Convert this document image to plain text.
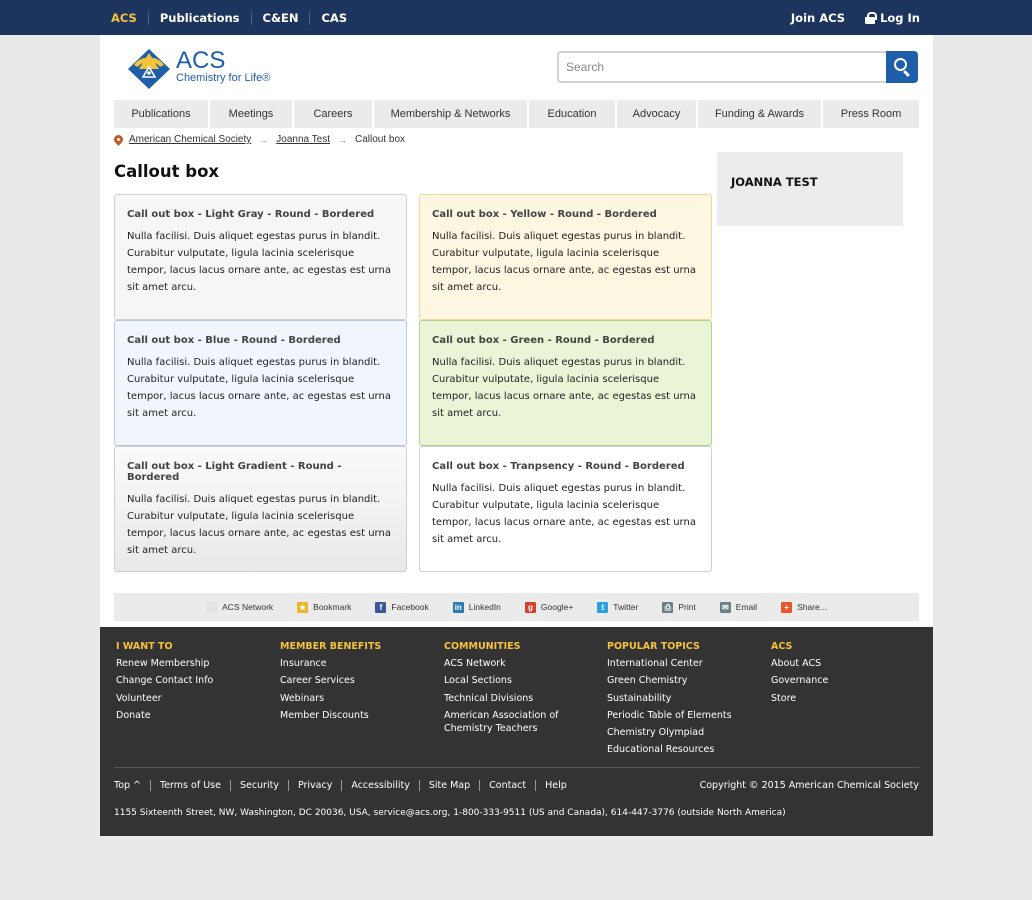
ACS	Publications	C&EN	CAS	Join ACS	Log In
ACS
Chemistry for Life®
Search
Publications	Meetings	Careers	Membership & Networks	Education	Advocacy	Funding & Awards	Press Room
American Chemical Society → Joanna Test → Callout box
Callout box
Call out box - Light Gray - Round - Bordered

Nulla facilisi. Duis aliquet egestas purus in blandit. Curabitur vulputate, ligula lacinia scelerisque tempor, lacus lacus ornare ante, ac egestas est urna sit amet arcu.

Call out box - Yellow - Round - Bordered

Nulla facilisi. Duis aliquet egestas purus in blandit. Curabitur vulputate, ligula lacinia scelerisque tempor, lacus lacus ornare ante, ac egestas est urna sit amet arcu.

Call out box - Blue - Round - Bordered

Nulla facilisi. Duis aliquet egestas purus in blandit. Curabitur vulputate, ligula lacinia scelerisque tempor, lacus lacus ornare ante, ac egestas est urna sit amet arcu.

Call out box - Green - Round - Bordered

Nulla facilisi. Duis aliquet egestas purus in blandit. Curabitur vulputate, ligula lacinia scelerisque tempor, lacus lacus ornare ante, ac egestas est urna sit amet arcu.

Call out box - Light Gradient - Round - Bordered

Nulla facilisi. Duis aliquet egestas purus in blandit. Curabitur vulputate, ligula lacinia scelerisque tempor, lacus lacus ornare ante, ac egestas est urna sit amet arcu.

Call out box - Tranpsency - Round - Bordered

Nulla facilisi. Duis aliquet egestas purus in blandit. Curabitur vulputate, ligula lacinia scelerisque tempor, lacus lacus ornare ante, ac egestas est urna sit amet arcu.

JOANNA TEST
ACS Network	★ Bookmark	f	Facebook	in LinkedIn	g Google+	t	Twitter	⎙ Print	✉ Email	+ Share...
I WANT TO
Renew Membership
Change Contact Info
Volunteer
Donate
MEMBER BENEFITS
Insurance
Career Services
Webinars
Member Discounts
COMMUNITIES
ACS Network
Local Sections
Technical Divisions
American Association of Chemistry Teachers
POPULAR TOPICS
International Center
Green Chemistry
Sustainability
Periodic Table of Elements
Chemistry Olympiad
Educational Resources
ACS
About ACS
Governance
Store
Top ^	Terms of Use	Security	Privacy	Accessibility	Site Map	Contact	Help	Copyright © 2015 American Chemical Society
1155 Sixteenth Street, NW, Washington, DC 20036, USA, service@acs.org, 1-800-333-9511 (US and Canada), 614-447-3776 (outside North America)
